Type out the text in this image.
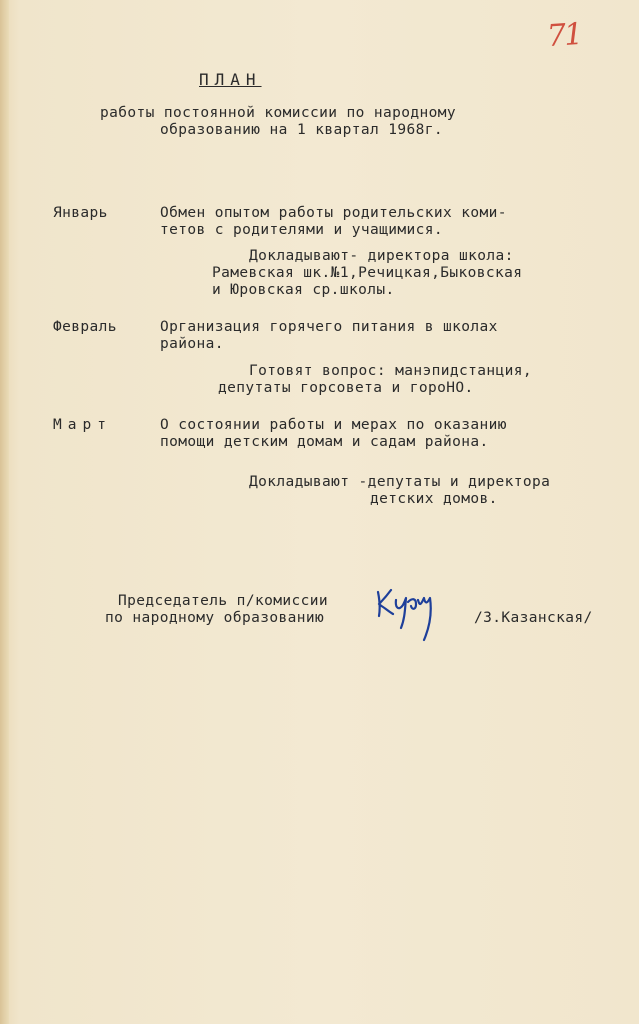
71
ПЛАН
работы постоянной комиссии по народному
образованию на 1 квартал 1968г.
Январь	Обмен опытом работы родительских коми-
тетов с родителями и учащимися.
Докладывают- директора школа:
Рамевская шк.№1,Речицкая,Быковская
и Юровская ср.школы.
Февраль	Организация горячего питания в школах
района.
Готовят вопрос: манэпидстанция,
депутаты горсовета и гороНО.
Март	О состоянии работы и мерах по оказанию
помощи детским домам и садам района.
Докладывают -депутаты и директора
детских домов.
Председатель п/комиссии
по народному образованию	/З.Казанская/
